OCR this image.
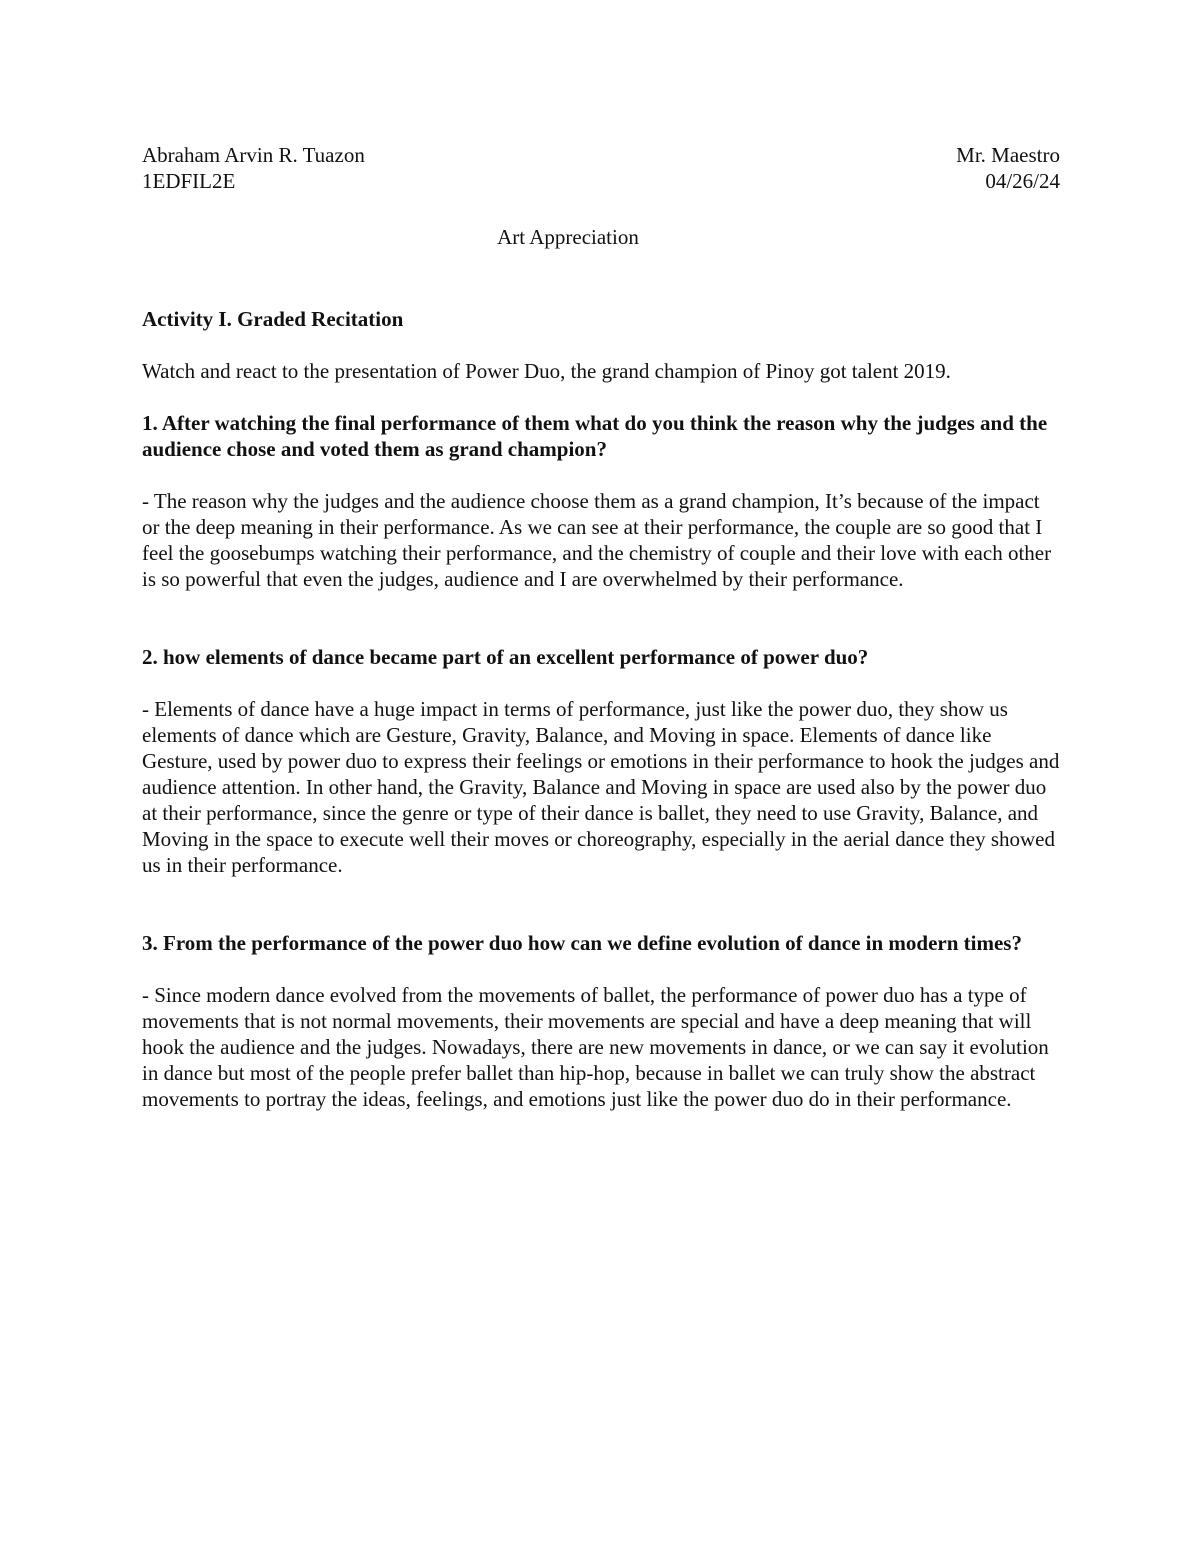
Abraham Arvin R. Tuazon	Mr. Maestro
1EDFIL2E	04/26/24
Art Appreciation

Activity I. Graded Recitation

Watch and react to the presentation of Power Duo, the grand champion of Pinoy got talent 2019.

1. After watching the final performance of them what do you think the reason why the judges and the audience chose and voted them as grand champion?

- The reason why the judges and the audience choose them as a grand champion, It’s because of the impact or the deep meaning in their performance. As we can see at their performance, the couple are so good that I feel the goosebumps watching their performance, and the chemistry of couple and their love with each other is so powerful that even the judges, audience and I are overwhelmed by their performance.

2. how elements of dance became part of an excellent performance of power duo?

- Elements of dance have a huge impact in terms of performance, just like the power duo, they show us elements of dance which are Gesture, Gravity, Balance, and Moving in space. Elements of dance like Gesture, used by power duo to express their feelings or emotions in their performance to hook the judges and audience attention. In other hand, the Gravity, Balance and Moving in space are used also by the power duo at their performance, since the genre or type of their dance is ballet, they need to use Gravity, Balance, and Moving in the space to execute well their moves or choreography, especially in the aerial dance they showed us in their performance.

3. From the performance of the power duo how can we define evolution of dance in modern times?

- Since modern dance evolved from the movements of ballet, the performance of power duo has a type of movements that is not normal movements, their movements are special and have a deep meaning that will hook the audience and the judges. Nowadays, there are new movements in dance, or we can say it evolution in dance but most of the people prefer ballet than hip-hop, because in ballet we can truly show the abstract movements to portray the ideas, feelings, and emotions just like the power duo do in their performance.
